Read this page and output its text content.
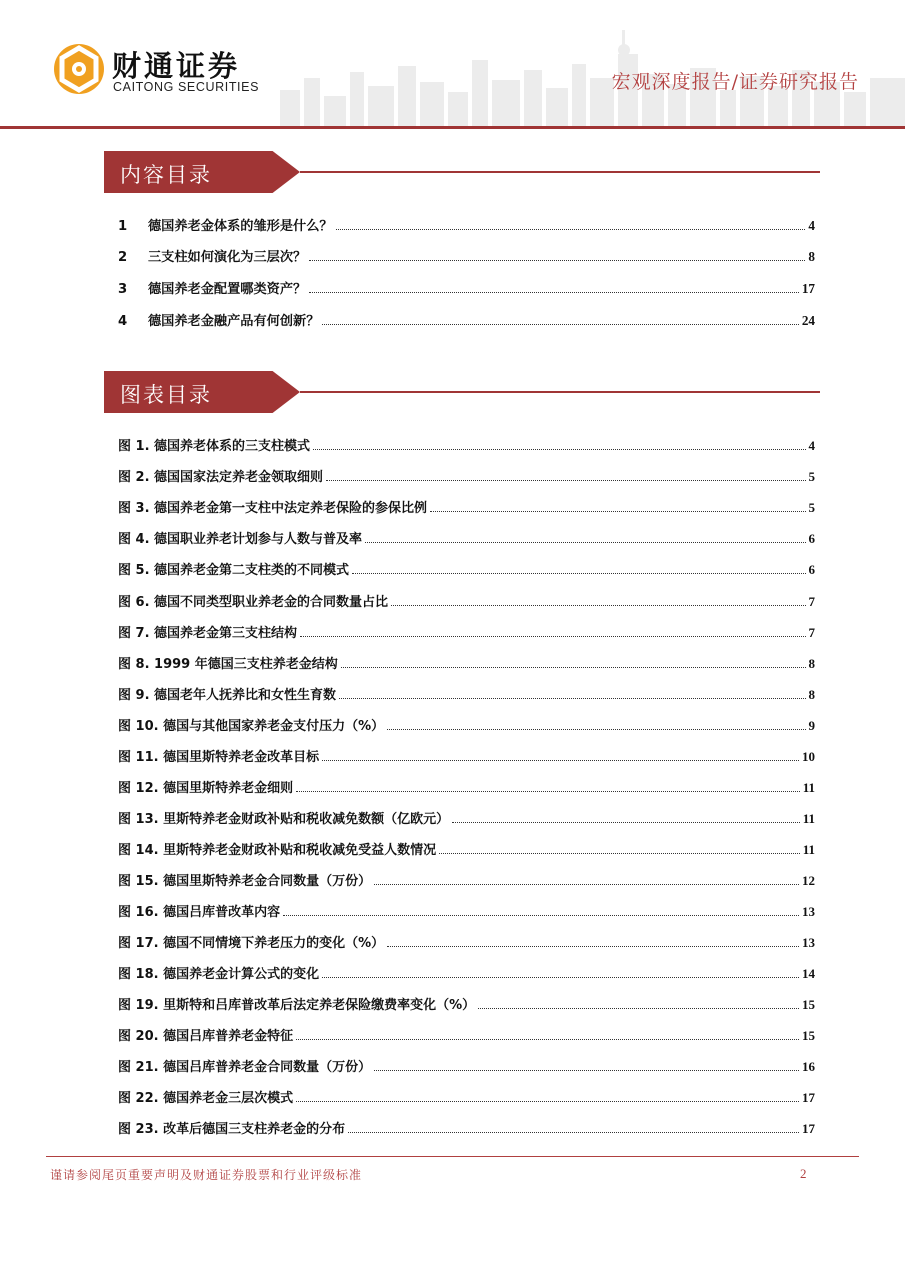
财通证券
CAITONG SECURITIES	宏观深度报告/证券研究报告
内容目录
1	德国养老金体系的雏形是什么？	4
2	三支柱如何演化为三层次？	8
3	德国养老金配置哪类资产？	17
4	德国养老金融产品有何创新？	24
图表目录
图 1. 德国养老体系的三支柱模式	4
图 2. 德国国家法定养老金领取细则	5
图 3. 德国养老金第一支柱中法定养老保险的参保比例	5
图 4. 德国职业养老计划参与人数与普及率	6
图 5. 德国养老金第二支柱类的不同模式	6
图 6. 德国不同类型职业养老金的合同数量占比	7
图 7. 德国养老金第三支柱结构	7
图 8. 1999 年德国三支柱养老金结构	8
图 9. 德国老年人抚养比和女性生育数	8
图 10. 德国与其他国家养老金支付压力（%）	9
图 11. 德国里斯特养老金改革目标	10
图 12. 德国里斯特养老金细则	11
图 13. 里斯特养老金财政补贴和税收减免数额（亿欧元）	11
图 14. 里斯特养老金财政补贴和税收减免受益人数情况	11
图 15. 德国里斯特养老金合同数量（万份）	12
图 16. 德国吕库普改革内容	13
图 17. 德国不同情境下养老压力的变化（%）	13
图 18. 德国养老金计算公式的变化	14
图 19. 里斯特和吕库普改革后法定养老保险缴费率变化（%）	15
图 20. 德国吕库普养老金特征	15
图 21. 德国吕库普养老金合同数量（万份）	16
图 22. 德国养老金三层次模式	17
图 23. 改革后德国三支柱养老金的分布	17
谨请参阅尾页重要声明及财通证券股票和行业评级标准	2
